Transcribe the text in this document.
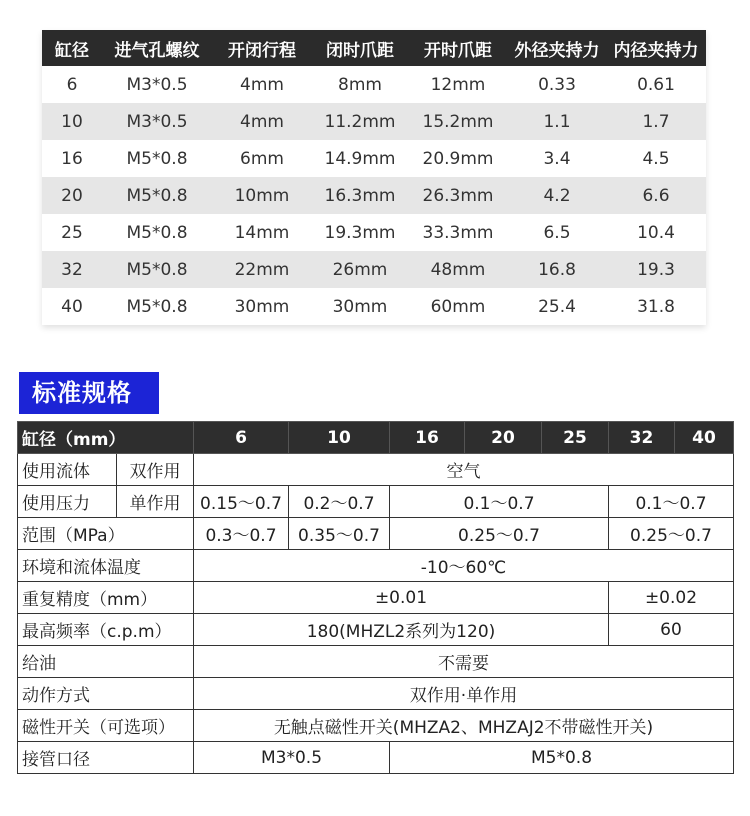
缸径	进气孔螺纹	开闭行程	闭时爪距	开时爪距	外径夹持力	内径夹持力
6	M3*0.5	4mm	8mm	12mm	0.33	0.61
10	M3*0.5	4mm	11.2mm	15.2mm	1.1	1.7
16	M5*0.8	6mm	14.9mm	20.9mm	3.4	4.5
20	M5*0.8	10mm	16.3mm	26.3mm	4.2	6.6
25	M5*0.8	14mm	19.3mm	33.3mm	6.5	10.4
32	M5*0.8	22mm	26mm	48mm	16.8	19.3
40	M5*0.8	30mm	30mm	60mm	25.4	31.8
标准规格
缸径（mm）		6	10	16	20	25	32	40
使用流体	双作用	空气						
使用压力	单作用	0.15～0.7	0.2～0.7	0.1～0.7			0.1～0.7	
范围（MPa）		0.3～0.7	0.35～0.7	0.25～0.7			0.25～0.7	
环境和流体温度		-10～60℃						
重复精度（mm）		±0.01					±0.02	
最高频率（c.p.m）		180(MHZL2系列为120)					60	
给油		不需要						
动作方式		双作用·单作用						
磁性开关（可选项）		无触点磁性开关(MHZA2、MHZAJ2不带磁性开关)						
接管口径		M3*0.5		M5*0.8				
